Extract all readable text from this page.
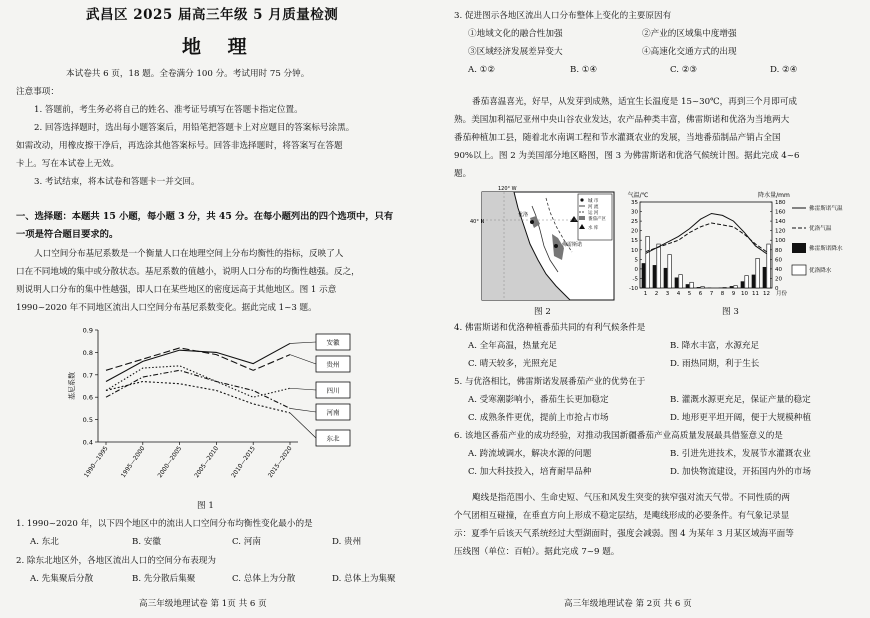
武昌区 2025 届高三年级 5 月质量检测
地 理
本试卷共 6 页，18 题。全卷满分 100 分。考试用时 75 分钟。
注意事项：
1. 答题前，考生务必将自己的姓名、准考证号填写在答题卡指定位置。
2. 回答选择题时，选出每小题答案后，用铅笔把答题卡上对应题目的答案标号涂黑。
如需改动，用橡皮擦干净后，再选涂其他答案标号。回答非选择题时，将答案写在答题
卡上。写在本试卷上无效。
3. 考试结束，将本试卷和答题卡一并交回。
一、选择题：本题共 15 小题，每小题 3 分，共 45 分。在每小题列出的四个选项中，只有
一项是符合题目要求的。
人口空间分布基尼系数是一个衡量人口在地理空间上分布均衡性的指标，反映了人
口在不同地域的集中或分散状态。基尼系数的值越小，说明人口分布的均衡性越强。反之，
则说明人口分布的集中性越强，即人口在某些地区的密度远高于其他地区。图 1 示意
1990~2020 年不同地区流出人口空间分布基尼系数变化。据此完成 1~3 题。
0.4
0.5
0.6
0.7
0.8
0.9
基尼系数
1990—1995 1995—2000 2000—2005 2005—2010 2010—2015 2015—2020
安徽
贵州
四川
河南
东北
图 1
1. 1990~2020 年，以下四个地区中的流出人口空间分布均衡性变化最小的是
A. 东北	B. 安徽	C. 河南	D. 贵州
2. 除东北地区外，各地区流出人口的空间分布表现为
A. 先集聚后分散	B. 先分散后集聚	C. 总体上为分散	D. 总体上为集聚
高三年级地理试卷 第 1页 共 6 页
3. 促进图示各地区流出人口分布整体上变化的主要原因有
①地域文化的融合性加强	②产业的区域集中度增强
③区域经济发展差异变大	④高速化交通方式的出现
A. ①②	B. ①④	C. ②③	D. ②④
番茄喜温喜光，好早，从发芽到成熟，适宜生长温度是 15~30℃，再到三个月即可成
熟。美国加利福尼亚州中央山谷农业发达，农产品种类丰富，佛雷斯诺和优洛为当地两大
番茄种植加工县，随着北水南调工程和节水灌溉农业的发展，当地番茄制品产销占全国
90%以上。图 2 为美国部分地区略图，图 3 为佛雷斯诺和优洛气候统计图。据此完成 4~6
题。
120° W
40° N
城 市
河 流
运 河
番茄产区
水 库
优洛
佛雷斯诺
图 2
气温/℃	降水量/mm
-10
-5
0
5
10
15
20
25
30
35
0
20
40
60
80
100
120
140
160
180
1 2 3 4 5 6 7 8 9 10 11 12 月份
佛雷斯诺气温
优洛气温
佛雷斯诺降水
优洛降水
图 3
4. 佛雷斯诺和优洛种植番茄共同的有利气候条件是
A. 全年高温，热量充足	B. 降水丰富，水源充足
C. 晴天较多，光照充足	D. 雨热同期，利于生长
5. 与优洛相比，佛雷斯诺发展番茄产业的优势在于
A. 受寒潮影响小，番茄生长更加稳定	B. 灌溉水源更充足，保证产量的稳定
C. 成熟条件更优，提前上市抢占市场	D. 地形更平坦开阔，便于大规模种植
6. 该地区番茄产业的成功经验，对推动我国新疆番茄产业高质量发展最具借鉴意义的是
A. 跨流域调水，解决水源的问题	B. 引进先进技术，发展节水灌溉农业
C. 加大科技投入，培育耐旱品种	D. 加快物流建设，开拓国内外的市场
飑线是指范围小、生命史短、气压和风发生突变的狭窄强对流天气带。不同性质的两
个气团相互碰撞，在垂直方向上形成不稳定层结，是飑线形成的必要条件。有气象记录显
示：夏季午后该天气系统经过大型湖面时，强度会减弱。图 4 为某年 3 月某区域海平面等
压线图（单位：百帕）。据此完成 7~9 题。
高三年级地理试卷 第 2页 共 6 页
